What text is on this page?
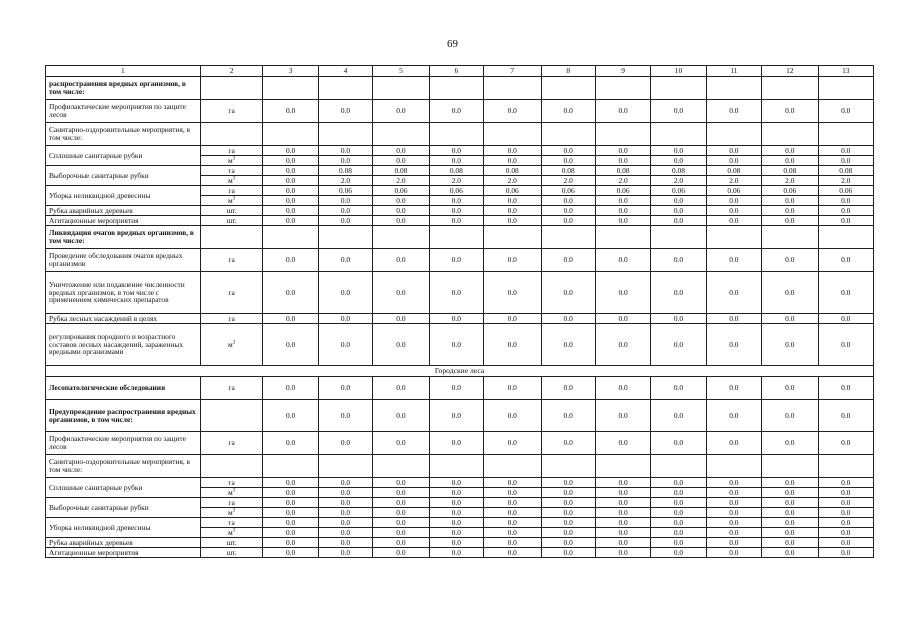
69
1	2	3	4	5	6	7	8	9	10	11	12	13
распространения вредных организмов, в том числе:												
Профилактические мероприятия по защите лесов	га	0.0	0.0	0.0	0.0	0.0	0.0	0.0	0.0	0.0	0.0	0.0
Санитарно-оздоровительные мероприятия, в том числе:												
Сплошные санитарные рубки	га	0.0	0.0	0.0	0.0	0.0	0.0	0.0	0.0	0.0	0.0	0.0
	$м^3$	0.0	0.0	0.0	0.0	0.0	0.0	0.0	0.0	0.0	0.0	0.0
Выборочные санитарные рубки	га	0.0	0.08	0.08	0.08	0.08	0.08	0.08	0.08	0.08	0.08	0.08
	$м^3$	0.0	2.0	2.0	2.0	2.0	2.0	2.0	2.0	2.0	2.0	2.0
Уборка неликвидной древесины	га	0.0	0.06	0.06	0.06	0.06	0.06	0.06	0.06	0.06	0.06	0.06
	$м^3$	0.0	0.0	0.0	0.0	0.0	0.0	0.0	0.0	0.0	0.0	0.0
Рубка аварийных деревьев	шт.	0.0	0.0	0.0	0.0	0.0	0.0	0.0	0.0	0.0	0.0	0.0
Агитационные мероприятия	шт.	0.0	0.0	0.0	0.0	0.0	0.0	0.0	0.0	0.0	0.0	0.0
Ликвидация очагов вредных организмов, в том числе:												
Проведение обследования очагов вредных организмов	га	0.0	0.0	0.0	0.0	0.0	0.0	0.0	0.0	0.0	0.0	0.0
Уничтожение или подавление численности вредных организмов, в том числе с применением химических препаратов	га	0.0	0.0	0.0	0.0	0.0	0.0	0.0	0.0	0.0	0.0	0.0
Рубка лесных насаждений в целях	га	0.0	0.0	0.0	0.0	0.0	0.0	0.0	0.0	0.0	0.0	0.0
регулирования породного и возрастного составов лесных насаждений, зараженных вредными организмами	$м^3$	0.0	0.0	0.0	0.0	0.0	0.0	0.0	0.0	0.0	0.0	0.0
Городские леса												
Лесопатологические обследования	га	0.0	0.0	0.0	0.0	0.0	0.0	0.0	0.0	0.0	0.0	0.0
Предупреждение распространения вредных организмов, в том числе:		0.0	0.0	0.0	0.0	0.0	0.0	0.0	0.0	0.0	0.0	0.0
Профилактические мероприятия по защите лесов	га	0.0	0.0	0.0	0.0	0.0	0.0	0.0	0.0	0.0	0.0	0.0
Санитарно-оздоровительные мероприятия, в том числе:												
Сплошные санитарные рубки	га	0.0	0.0	0.0	0.0	0.0	0.0	0.0	0.0	0.0	0.0	0.0
	$м^3$	0.0	0.0	0.0	0.0	0.0	0.0	0.0	0.0	0.0	0.0	0.0
Выборочные санитарные рубки	га	0.0	0.0	0.0	0.0	0.0	0.0	0.0	0.0	0.0	0.0	0.0
	$м^3$	0.0	0.0	0.0	0.0	0.0	0.0	0.0	0.0	0.0	0.0	0.0
Уборка неликвидной древесины	га	0.0	0.0	0.0	0.0	0.0	0.0	0.0	0.0	0.0	0.0	0.0
	$м^3$	0.0	0.0	0.0	0.0	0.0	0.0	0.0	0.0	0.0	0.0	0.0
Рубка аварийных деревьев	шт.	0.0	0.0	0.0	0.0	0.0	0.0	0.0	0.0	0.0	0.0	0.0
Агитационные мероприятия	шт.	0.0	0.0	0.0	0.0	0.0	0.0	0.0	0.0	0.0	0.0	0.0
